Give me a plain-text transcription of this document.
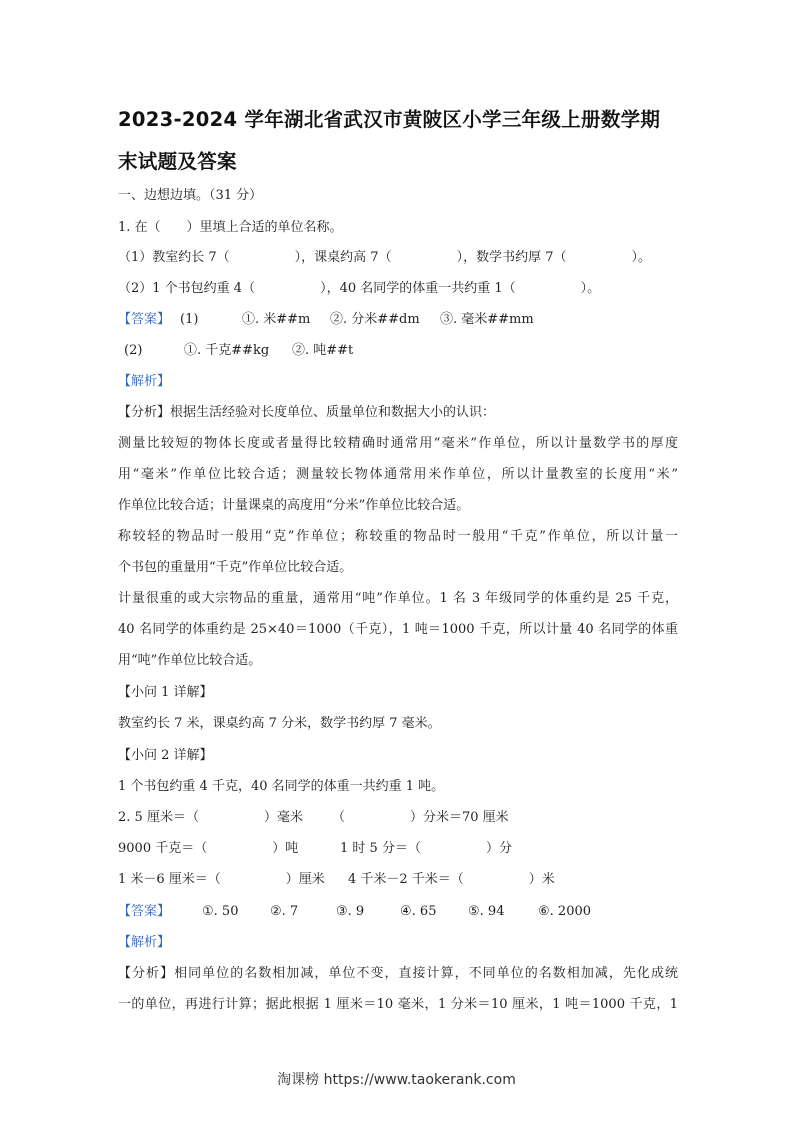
2023-2024 学年湖北省武汉市黄陂区小学三年级上册数学期
末试题及答案
一、边想边填。（31 分）
1. 在（　　）里填上合适的单位名称。
（1）教室约长 7（　　　　　），课桌约高 7（　　　　　），数学书约厚 7（　　　　　）。
（2）1 个书包约重 4（　　　　　），40 名同学的体重一共约重 1（　　　　　）。
【答案】 (1)	①. 米##m ②. 分米##dm ③. 毫米##mm
(2)	①. 千克##kg ②. 吨##t
【解析】
【分析】根据生活经验对长度单位、质量单位和数据大小的认识：
测量比较短的物体长度或者量得比较精确时通常用“毫米”作单位，所以计量数学书的厚度
用“毫米”作单位比较合适；测量较长物体通常用米作单位，所以计量教室的长度用“米”
作单位比较合适；计量课桌的高度用“分米”作单位比较合适。
称较轻的物品时一般用“克”作单位；称较重的物品时一般用“千克”作单位，所以计量一
个书包的重量用“千克”作单位比较合适。
计量很重的或大宗物品的重量，通常用“吨”作单位。1 名 3 年级同学的体重约是 25 千克，
40 名同学的体重约是 25×40＝1000（千克），1 吨＝1000 千克，所以计量 40 名同学的体重
用“吨”作单位比较合适。
【小问 1 详解】
教室约长 7 米，课桌约高 7 分米，数学书约厚 7 毫米。
【小问 2 详解】
1 个书包约重 4 千克，40 名同学的体重一共约重 1 吨。
2. 5 厘米＝（　　　　　）毫米 （　　　　　）分米＝70 厘米
9000 千克＝（　　　　　）吨	1 时 5 分＝（　　　　　）分
1 米－6 厘米＝（　　　　　）厘米 4 千米－2 千米＝（　　　　　）米
【答案】 ①. 50 ②. 7	③. 9	④. 65 ⑤. 94	⑥. 2000
【解析】
【分析】相同单位的名数相加减，单位不变，直接计算，不同单位的名数相加减，先化成统
一的单位，再进行计算；据此根据 1 厘米＝10 毫米，1 分米＝10 厘米，1 吨＝1000 千克，1
淘课榜 https://www.taokerank.com
